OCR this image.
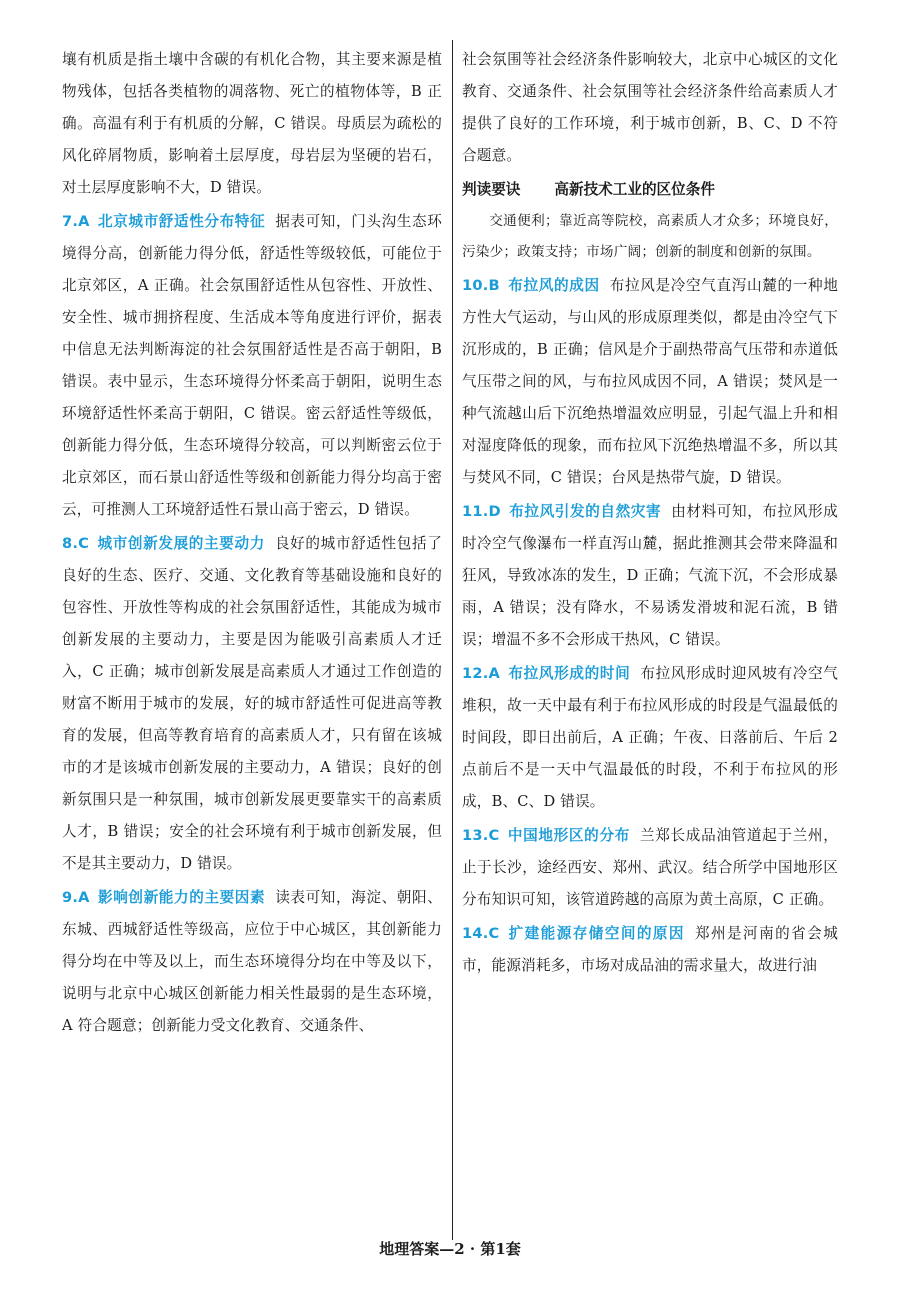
壤有机质是指土壤中含碳的有机化合物，其主要来源是植物残体，包括各类植物的凋落物、死亡的植物体等，B 正确。高温有利于有机质的分解，C 错误。母质层为疏松的风化碎屑物质，影响着土层厚度，母岩层为坚硬的岩石，对土层厚度影响不大，D 错误。

7.A 北京城市舒适性分布特征 据表可知，门头沟生态环境得分高，创新能力得分低，舒适性等级较低，可能位于北京郊区，A 正确。社会氛围舒适性从包容性、开放性、安全性、城市拥挤程度、生活成本等角度进行评价，据表中信息无法判断海淀的社会氛围舒适性是否高于朝阳，B 错误。表中显示，生态环境得分怀柔高于朝阳，说明生态环境舒适性怀柔高于朝阳，C 错误。密云舒适性等级低，创新能力得分低，生态环境得分较高，可以判断密云位于北京郊区，而石景山舒适性等级和创新能力得分均高于密云，可推测人工环境舒适性石景山高于密云，D 错误。

8.C 城市创新发展的主要动力 良好的城市舒适性包括了良好的生态、医疗、交通、文化教育等基础设施和良好的包容性、开放性等构成的社会氛围舒适性，其能成为城市创新发展的主要动力，主要是因为能吸引高素质人才迁入，C 正确；城市创新发展是高素质人才通过工作创造的财富不断用于城市的发展，好的城市舒适性可促进高等教育的发展，但高等教育培育的高素质人才，只有留在该城市的才是该城市创新发展的主要动力，A 错误；良好的创新氛围只是一种氛围，城市创新发展更要靠实干的高素质人才，B 错误；安全的社会环境有利于城市创新发展，但不是其主要动力，D 错误。

9.A 影响创新能力的主要因素 读表可知，海淀、朝阳、东城、西城舒适性等级高，应位于中心城区，其创新能力得分均在中等及以上，而生态环境得分均在中等及以下，说明与北京中心城区创新能力相关性最弱的是生态环境，A 符合题意；创新能力受文化教育、交通条件、

社会氛围等社会经济条件影响较大，北京中心城区的文化教育、交通条件、社会氛围等社会经济条件给高素质人才提供了良好的工作环境，利于城市创新，B、C、D 不符合题意。

判读要诀 高新技术工业的区位条件

交通便利；靠近高等院校，高素质人才众多；环境良好，污染少；政策支持；市场广阔；创新的制度和创新的氛围。

10.B 布拉风的成因 布拉风是冷空气直泻山麓的一种地方性大气运动，与山风的形成原理类似，都是由冷空气下沉形成的，B 正确；信风是介于副热带高气压带和赤道低气压带之间的风，与布拉风成因不同，A 错误；焚风是一种气流越山后下沉绝热增温效应明显，引起气温上升和相对湿度降低的现象，而布拉风下沉绝热增温不多，所以其与焚风不同，C 错误；台风是热带气旋，D 错误。

11.D 布拉风引发的自然灾害 由材料可知，布拉风形成时冷空气像瀑布一样直泻山麓，据此推测其会带来降温和狂风，导致冰冻的发生，D 正确；气流下沉，不会形成暴雨，A 错误；没有降水，不易诱发滑坡和泥石流，B 错误；增温不多不会形成干热风，C 错误。

12.A 布拉风形成的时间 布拉风形成时迎风坡有冷空气堆积，故一天中最有利于布拉风形成的时段是气温最低的时间段，即日出前后，A 正确；午夜、日落前后、午后 2 点前后不是一天中气温最低的时段，不利于布拉风的形成，B、C、D 错误。

13.C 中国地形区的分布 兰郑长成品油管道起于兰州，止于长沙，途经西安、郑州、武汉。结合所学中国地形区分布知识可知，该管道跨越的高原为黄土高原，C 正确。

14.C 扩建能源存储空间的原因 郑州是河南的省会城市，能源消耗多，市场对成品油的需求量大，故进行油

地理答案—2 · 第1套
